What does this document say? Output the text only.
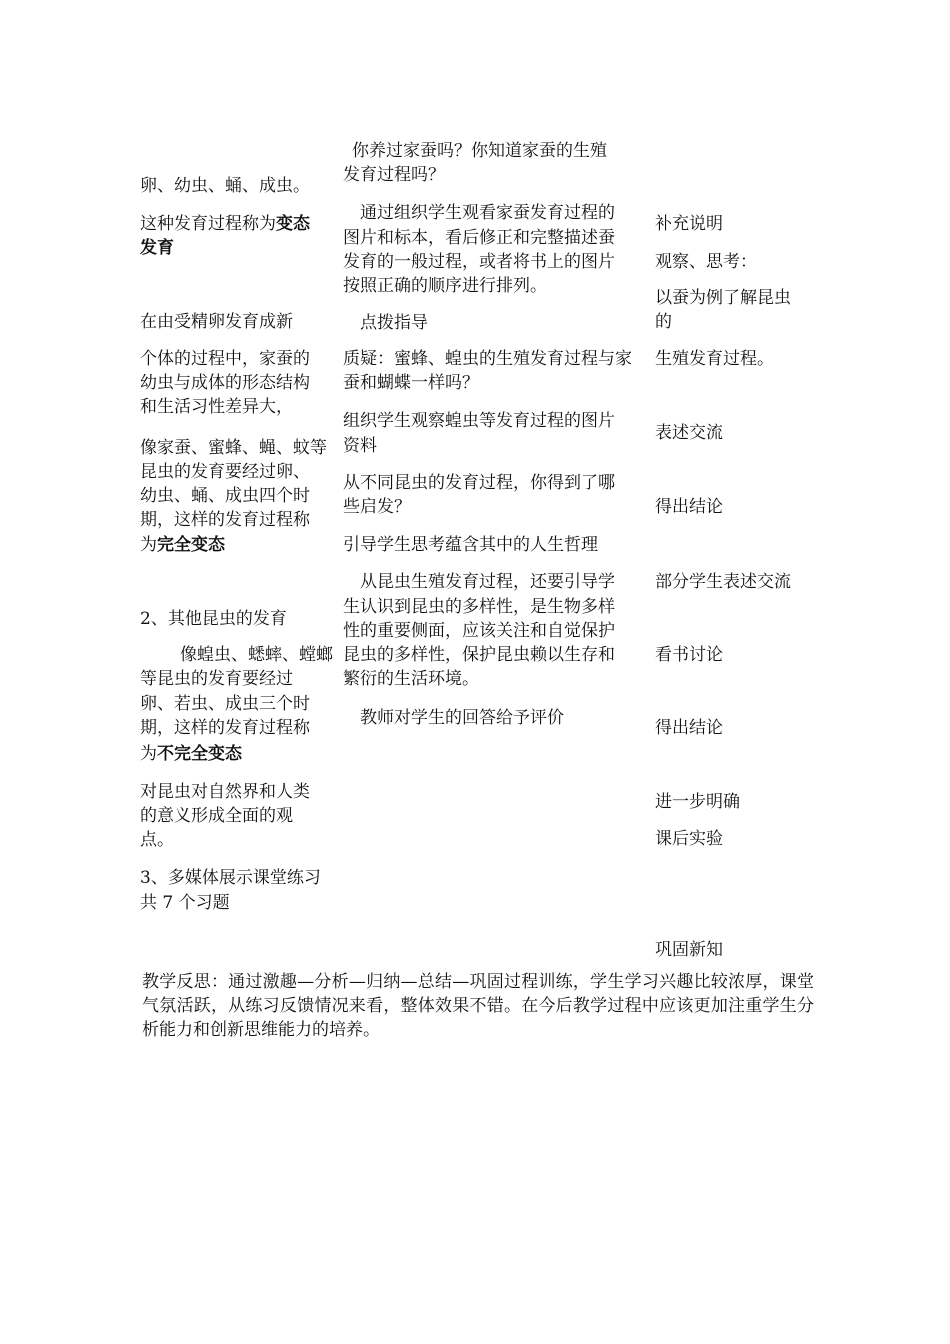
卵、幼虫、蛹、成虫。
这种发育过程称为变态
发育
在由受精卵发育成新
个体的过程中，家蚕的
幼虫与成体的形态结构
和生活习性差异大，
像家蚕、蜜蜂、蝇、蚊等
昆虫的发育要经过卵、
幼虫、蛹、成虫四个时
期，这样的发育过程称
为完全变态
2、其他昆虫的发育
像蝗虫、蟋蟀、螳螂
等昆虫的发育要经过
卵、若虫、成虫三个时
期，这样的发育过程称
为不完全变态
对昆虫对自然界和人类
的意义形成全面的观
点。
3、多媒体展示课堂练习
共 7 个习题
你养过家蚕吗？你知道家蚕的生殖
发育过程吗？
通过组织学生观看家蚕发育过程的
图片和标本，看后修正和完整描述蚕
发育的一般过程，或者将书上的图片
按照正确的顺序进行排列。
点拨指导
质疑：蜜蜂、蝗虫的生殖发育过程与家
蚕和蝴蝶一样吗？
组织学生观察蝗虫等发育过程的图片
资料
从不同昆虫的发育过程，你得到了哪
些启发？
引导学生思考蕴含其中的人生哲理
从昆虫生殖发育过程，还要引导学
生认识到昆虫的多样性，是生物多样
性的重要侧面，应该关注和自觉保护
昆虫的多样性，保护昆虫赖以生存和
繁衍的生活环境。
教师对学生的回答给予评价
补充说明
观察、思考：
以蚕为例了解昆虫
的
生殖发育过程。
表述交流
得出结论
部分学生表述交流
看书讨论
得出结论
进一步明确
课后实验
巩固新知
教学反思：通过激趣—分析—归纳—总结—巩固过程训练，学生学习兴趣比较浓厚，课堂气氛活跃，从练习反馈情况来看，整体效果不错。在今后教学过程中应该更加注重学生分析能力和创新思维能力的培养。
